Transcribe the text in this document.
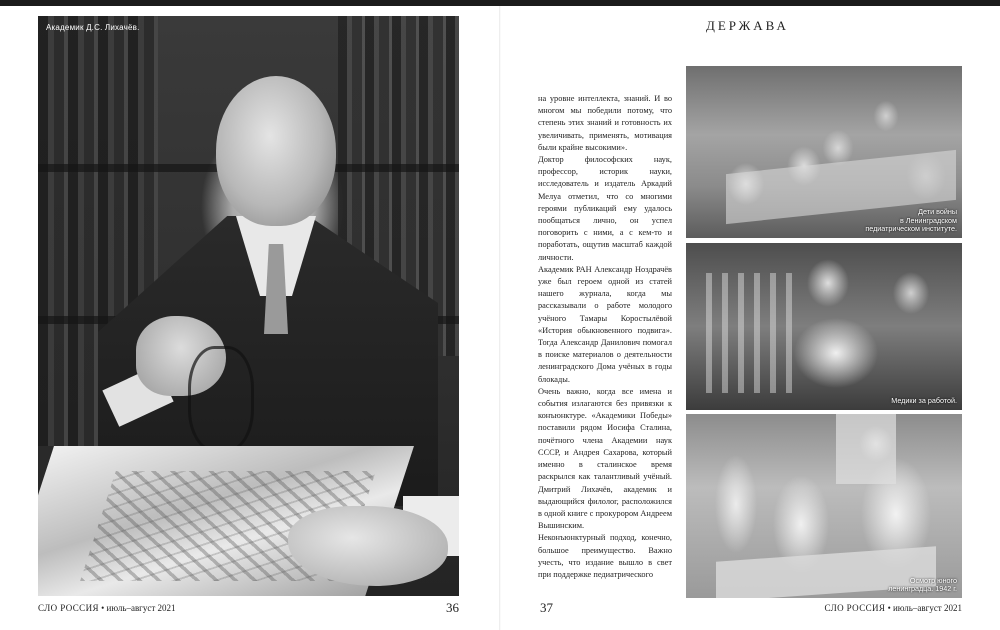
Академик Д.С. Лихачёв.
СЛО РОССИЯ • июль–август 2021	36
ДЕРЖАВА

на уровне интеллекта, знаний. И во многом мы победили потому, что степень этих знаний и готовность их увеличивать, применять, мотивация были крайне высокими».

Доктор философских наук, профессор, историк науки, исследователь и издатель Аркадий Мелуа отметил, что со многими героями публикаций ему удалось пообщаться лично, он успел поговорить с ними, а с кем-то и поработать, ощутив масштаб каждой личности.

Академик РАН Александр Ноздрачёв уже был героем одной из статей нашего журнала, когда мы рассказывали о работе молодого учёного Тамары Коростылёвой «История обыкновенного подвига». Тогда Александр Данилович помогал в поиске материалов о деятельности ленинградского Дома учёных в годы блокады.

Очень важно, когда все имена и события излагаются без привязки к конъюнктуре. «Академики Победы» поставили рядом Иосифа Сталина, почётного члена Академии наук СССР, и Андрея Сахарова, который именно в сталинское время раскрылся как талантливый учёный. Дмитрий Лихачёв, академик и выдающийся филолог, расположился в одной книге с прокурором Андреем Вышинским.

Неконъюнктурный подход, конечно, большое преимущество. Важно учесть, что издание вышло в свет при поддержке педиатрического

Дети войны
в Ленинградском
педиатрическом институте.
Медики за работой.
Осмотр юного
ленинградца. 1942 г.
37	СЛО РОССИЯ • июль–август 2021
